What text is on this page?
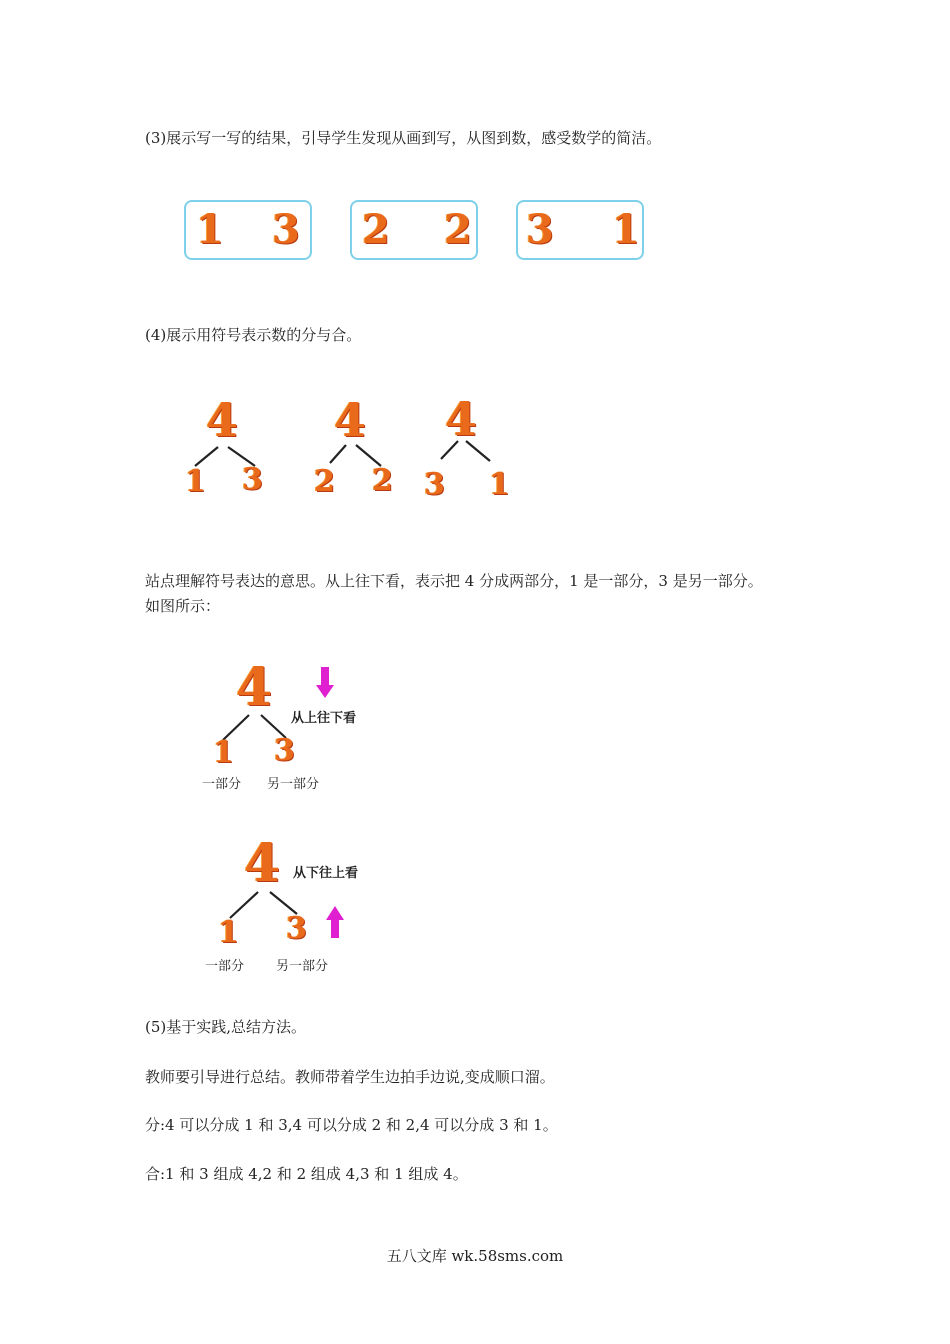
(3)展示写一写的结果，引导学生发现从画到写，从图到数，感受数学的简洁。
1 3 2 2 3 1
(4)展示用符号表示数的分与合。
4
1 3
4
2 2
4
3 1
站点理解符号表达的意思。从上往下看，表示把 4 分成两部分，1 是一部分，3 是另一部分。
如图所示：
4
1 3
从上往下看
一部分 另一部分
4
1 3
从下往上看
一部分 另一部分
(5)基于实践,总结方法。
教师要引导进行总结。教师带着学生边拍手边说,变成顺口溜。
分:4 可以分成 1 和 3,4 可以分成 2 和 2,4 可以分成 3 和 1。
合:1 和 3 组成 4,2 和 2 组成 4,3 和 1 组成 4。
五八文库 wk.58sms.com
